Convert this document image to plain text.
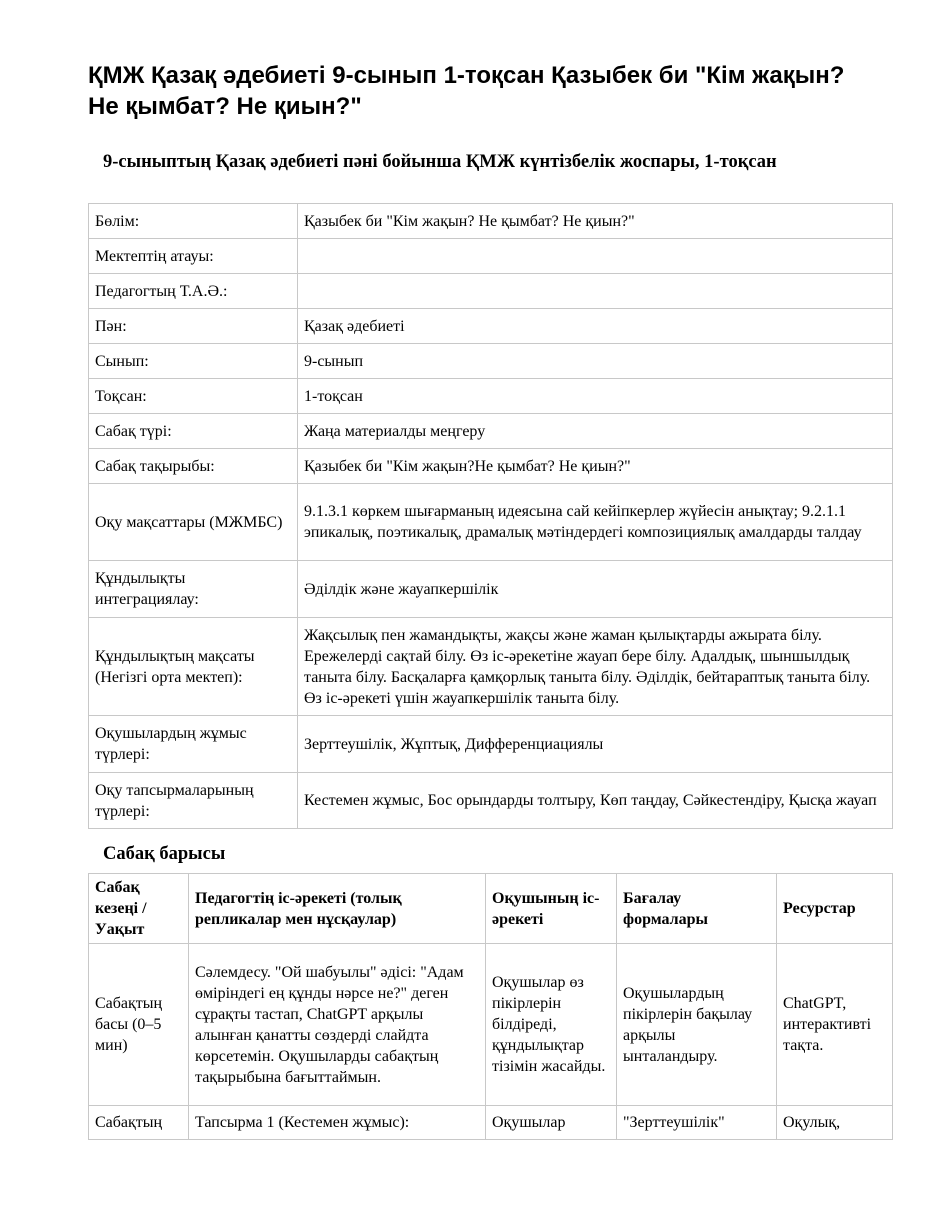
ҚМЖ Қазақ әдебиеті 9-сынып 1-тоқсан Қазыбек би "Кім жақын?Не қымбат? Не қиын?"
9-сыныптың Қазақ әдебиеті пәні бойынша ҚМЖ күнтізбелік жоспары, 1-тоқсан
Бөлім:	Қазыбек би "Кім жақын? Не қымбат? Не қиын?"
Мектептің атауы:	
Педагогтың Т.А.Ә.:	
Пән:	Қазақ әдебиеті
Сынып:	9-сынып
Тоқсан:	1-тоқсан
Сабақ түрі:	Жаңа материалды меңгеру
Сабақ тақырыбы:	Қазыбек би "Кім жақын?Не қымбат? Не қиын?"
Оқу мақсаттары (МЖМБС)	9.1.3.1 көркем шығарманың идеясына сай кейіпкерлер жүйесін анықтау; 9.2.1.1 эпикалық, поэтикалық, драмалық мәтіндердегі композициялық амалдарды талдау
Құндылықты интеграциялау:	Әділдік және жауапкершілік
Құндылықтың мақсаты (Негізгі орта мектеп):	Жақсылық пен жамандықты, жақсы және жаман қылықтарды ажырата білу. Ережелерді сақтай білу. Өз іс-әрекетіне жауап бере білу. Адалдық, шыншылдық таныта білу. Басқаларға қамқорлық таныта білу. Әділдік, бейтараптық таныта білу. Өз іс-әрекеті үшін жауапкершілік таныта білу.
Оқушылардың жұмыс түрлері:	Зерттеушілік, Жұптық, Дифференциациялы
Оқу тапсырмаларының түрлері:	Кестемен жұмыс, Бос орындарды толтыру, Көп таңдау, Сәйкестендіру, Қысқа жауап
Сабақ барысы
Сабақ кезеңі / Уақыт	Педагогтің іс-әрекеті (толық репликалар мен нұсқаулар)	Оқушының іс-әрекеті	Бағалау формалары	Ресурстар
Сабақтың басы (0–5 мин)	Сәлемдесу. "Ой шабуылы" әдісі: "Адам өміріндегі ең құнды нәрсе не?" деген сұрақты тастап, ChatGPT арқылы алынған қанатты сөздерді слайдта көрсетемін. Оқушыларды сабақтың тақырыбына бағыттаймын.	Оқушылар өз пікірлерін білдіреді, құндылықтар тізімін жасайды.	Оқушылардың пікірлерін бақылау арқылы ынталандыру.	ChatGPT, интерактивті тақта.
Сабақтың	Тапсырма 1 (Кестемен жұмыс):	Оқушылар	"Зерттеушілік"	Оқулық,
